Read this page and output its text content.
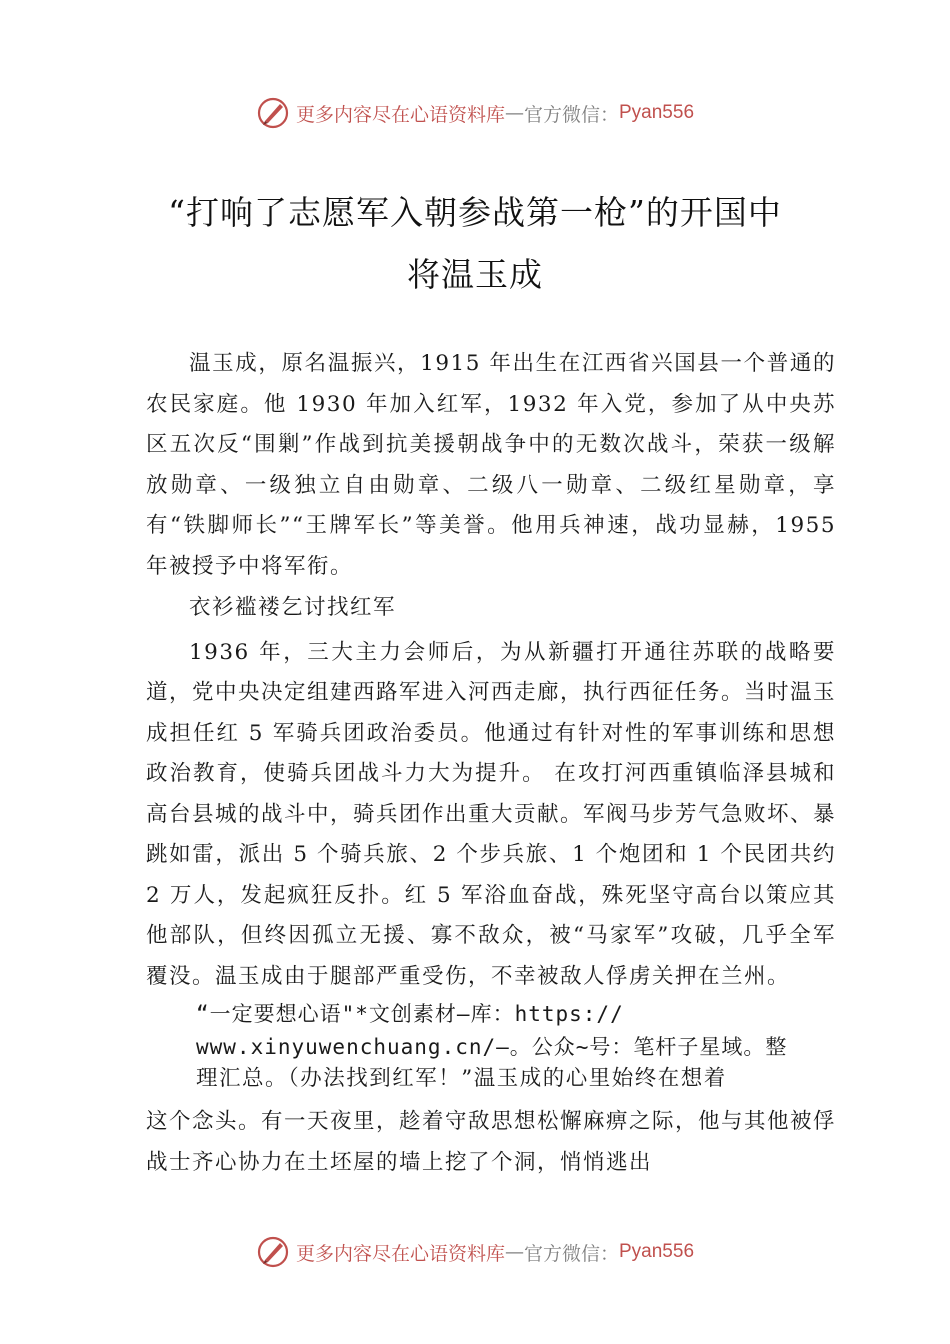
更多内容尽在心语资料库 — 官方微信： Pyan556
“打响了志愿军入朝参战第一枪”的开国中
将温玉成

温玉成，原名温振兴，1915 年出生在江西省兴国县一个普通的农民家庭。他 1930 年加入红军，1932 年入党，参加了从中央苏区五次反“围剿”作战到抗美援朝战争中的无数次战斗，荣获一级解放勋章、一级独立自由勋章、二级八一勋章、二级红星勋章，享有“铁脚师长”“王牌军长”等美誉。他用兵神速，战功显赫，1955 年被授予中将军衔。

衣衫褴褛乞讨找红军

1936 年，三大主力会师后，为从新疆打开通往苏联的战略要道，党中央决定组建西路军进入河西走廊，执行西征任务。当时温玉成担任红 5 军骑兵团政治委员。他通过有针对性的军事训练和思想政治教育，使骑兵团战斗力大为提升。 在攻打河西重镇临泽县城和高台县城的战斗中，骑兵团作出重大贡献。军阀马步芳气急败坏、暴跳如雷，派出 5 个骑兵旅、2 个步兵旅、1 个炮团和 1 个民团共约 2 万人，发起疯狂反扑。红 5 军浴血奋战，殊死坚守高台以策应其他部队，但终因孤立无援、寡不敌众，被“马家军”攻破，几乎全军覆没。温玉成由于腿部严重受伤，不幸被敌人俘虏关押在兰州。

“一定要想心语"*文创素材—库：https://

www.xinyuwenchuang.cn/—。公众~号：笔杆子星域。整

理汇总。（办法找到红军！”温玉成的心里始终在想着

这个念头。有一天夜里，趁着守敌思想松懈麻痹之际，他与其他被俘战士齐心协力在土坯屋的墙上挖了个洞，悄悄逃出

更多内容尽在心语资料库 — 官方微信： Pyan556
